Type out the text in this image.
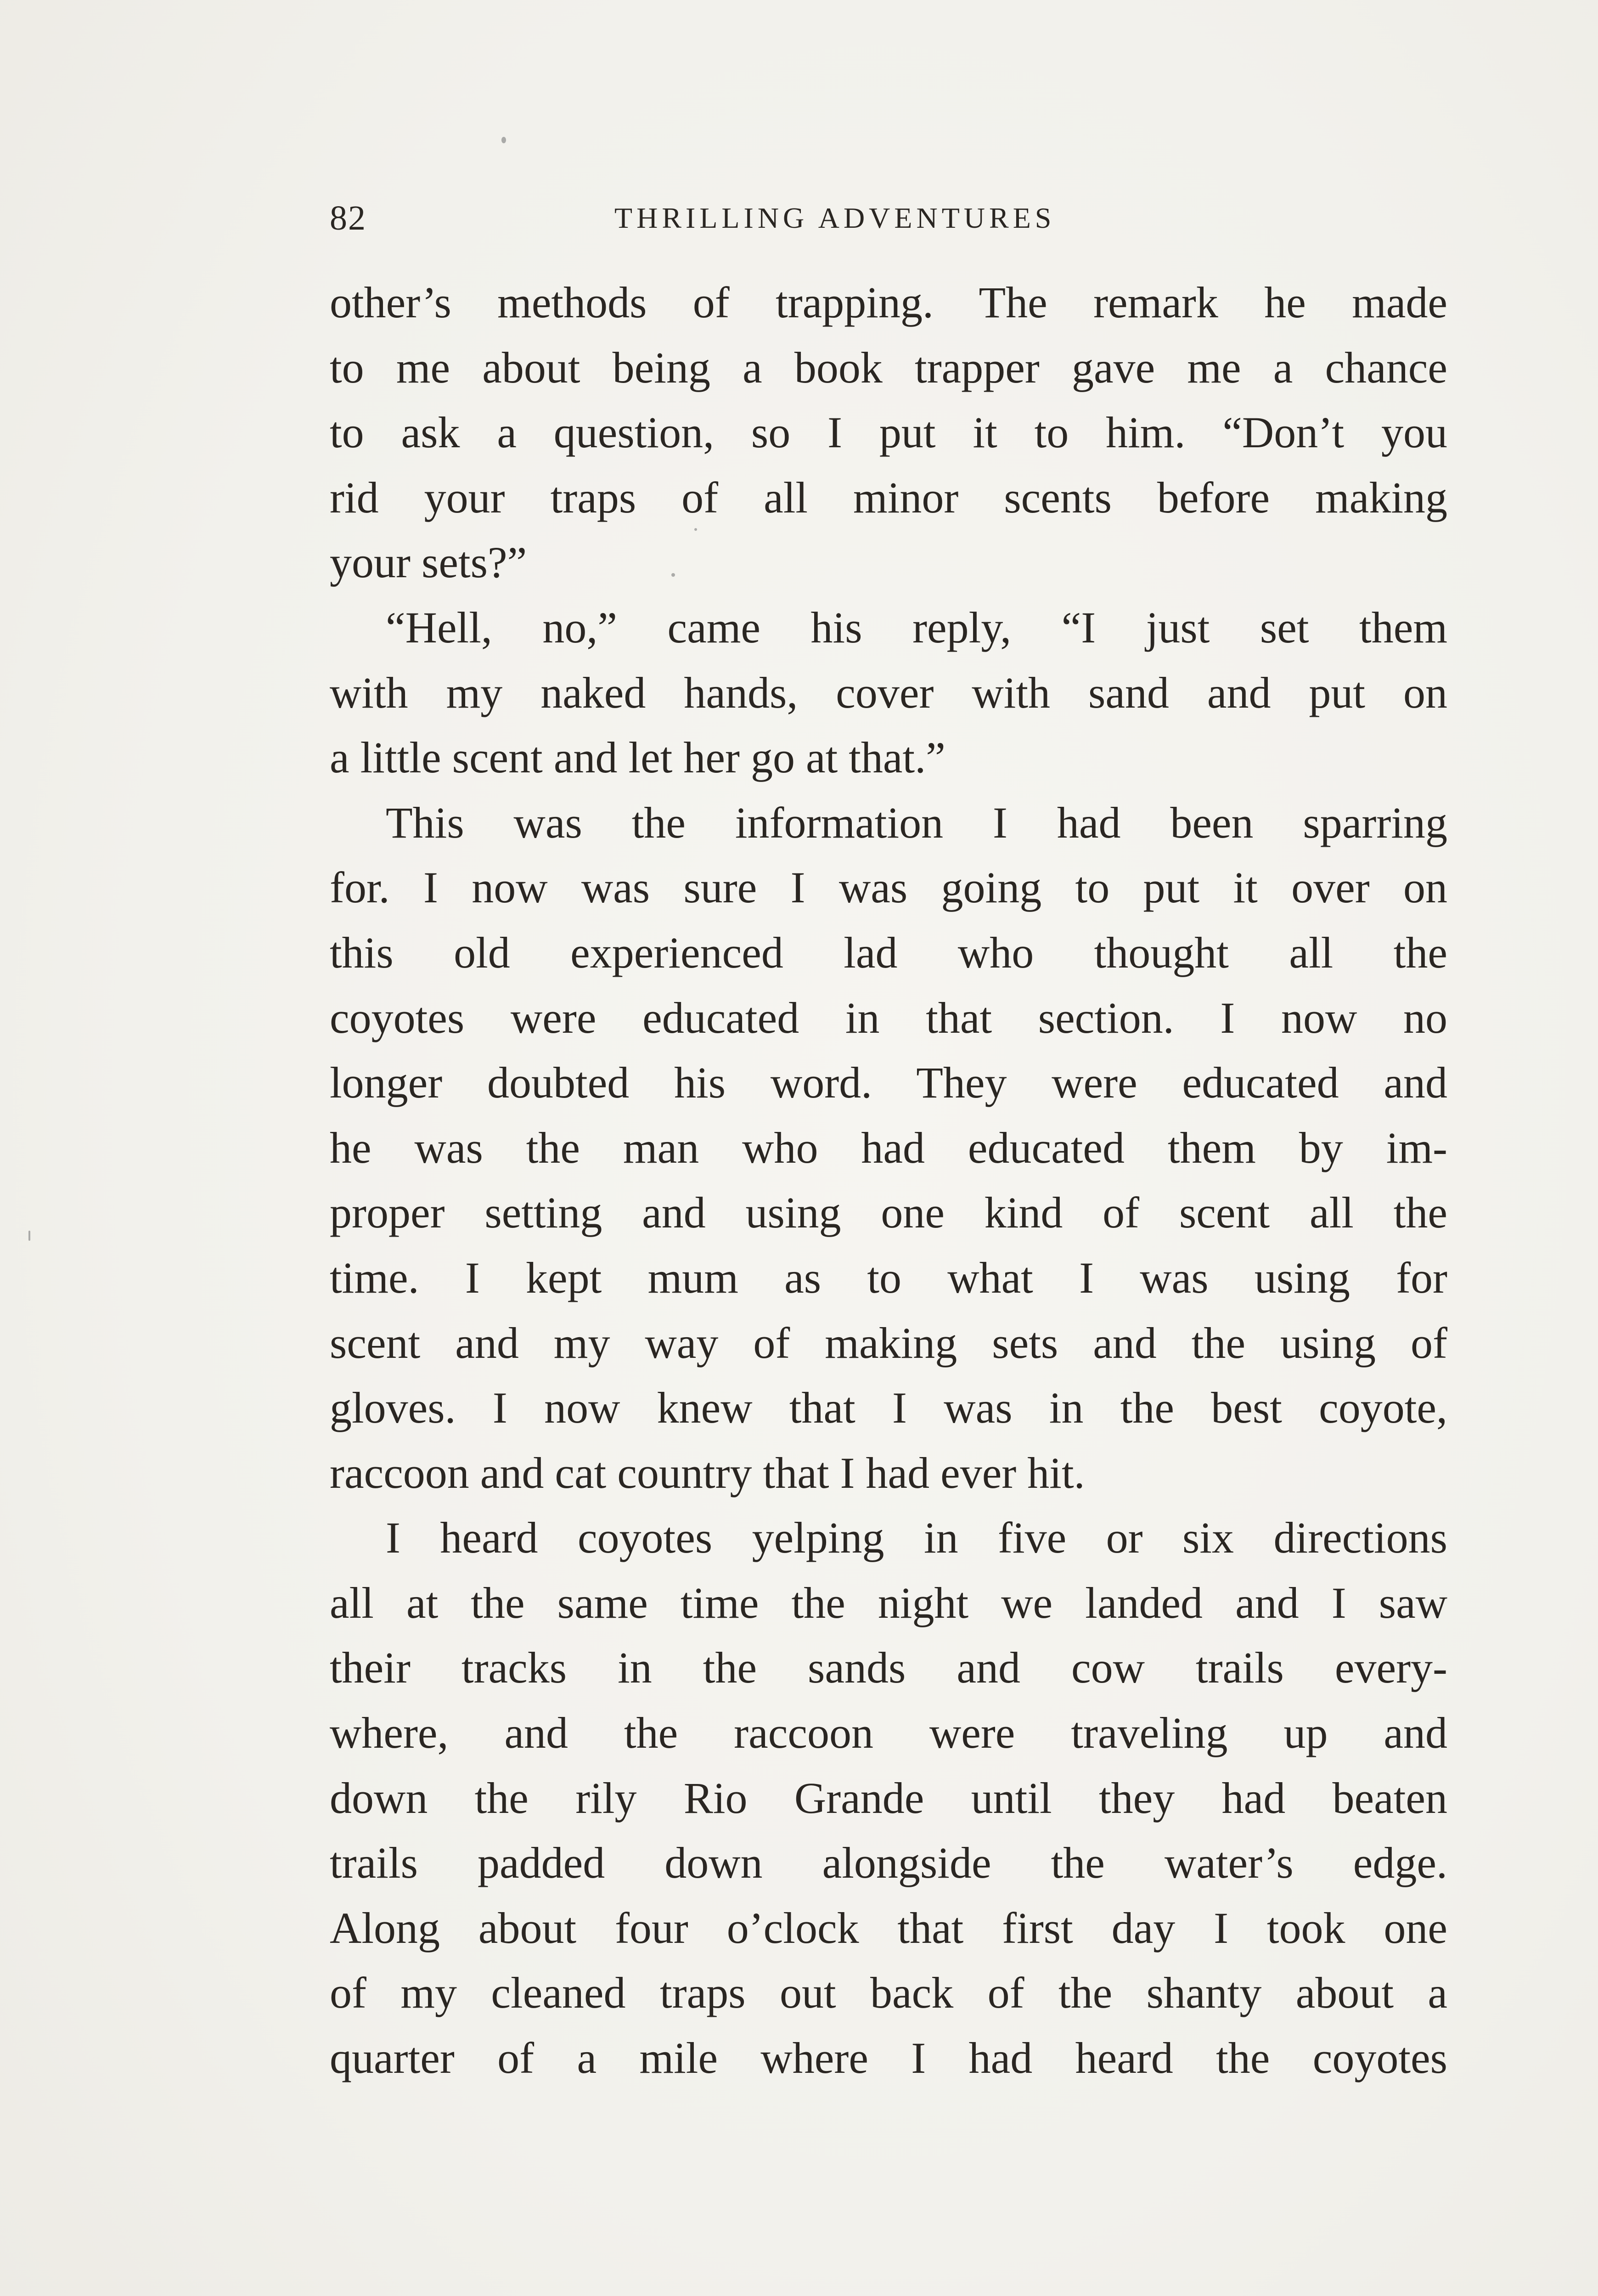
82	THRILLING ADVENTURES
other’s methods of trapping. The remark he made
to me about being a book trapper gave me a chance
to ask a question, so I put it to him. “Don’t you
rid your traps of all minor scents before making
your sets?”
“Hell, no,” came his reply, “I just set them
with my naked hands, cover with sand and put on
a little scent and let her go at that.”
This was the information I had been sparring
for. I now was sure I was going to put it over on
this old experienced lad who thought all the
coyotes were educated in that section. I now no
longer doubted his word. They were educated and
he was the man who had educated them by im-
proper setting and using one kind of scent all the
time. I kept mum as to what I was using for
scent and my way of making sets and the using of
gloves. I now knew that I was in the best coyote,
raccoon and cat country that I had ever hit.
I heard coyotes yelping in five or six directions
all at the same time the night we landed and I saw
their tracks in the sands and cow trails every-
where, and the raccoon were traveling up and
down the rily Rio Grande until they had beaten
trails padded down alongside the water’s edge.
Along about four o’clock that first day I took one
of my cleaned traps out back of the shanty about a
quarter of a mile where I had heard the coyotes
